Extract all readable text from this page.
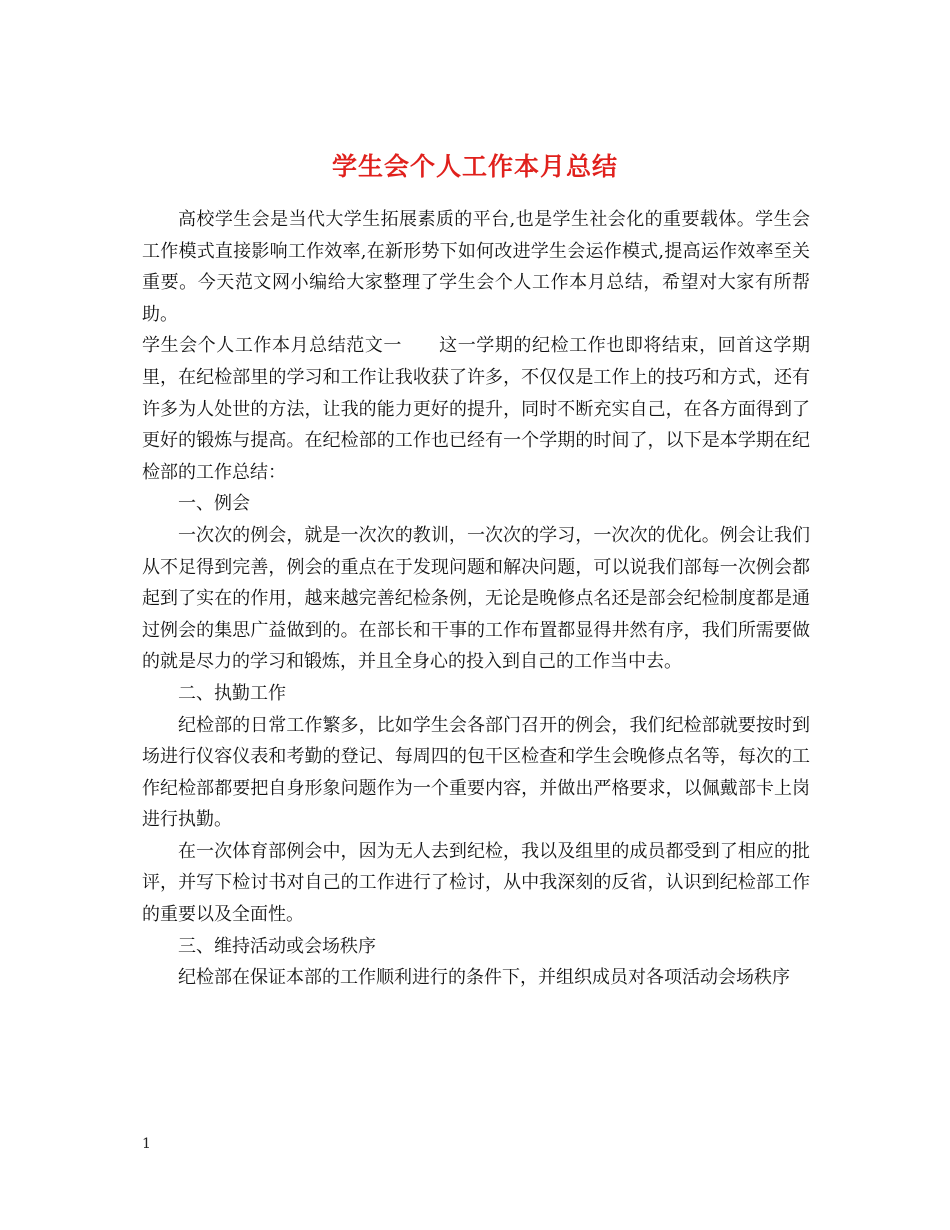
学生会个人工作本月总结

高校学生会是当代大学生拓展素质的平台,也是学生社会化的重要载体。学生会工作模式直接影响工作效率,在新形势下如何改进学生会运作模式,提高运作效率至关重要。今天范文网小编给大家整理了学生会个人工作本月总结，希望对大家有所帮助。

学生会个人工作本月总结范文一　　这一学期的纪检工作也即将结束，回首这学期里，在纪检部里的学习和工作让我收获了许多，不仅仅是工作上的技巧和方式，还有许多为人处世的方法，让我的能力更好的提升，同时不断充实自己，在各方面得到了更好的锻炼与提高。在纪检部的工作也已经有一个学期的时间了，以下是本学期在纪检部的工作总结：

一、例会

一次次的例会，就是一次次的教训，一次次的学习，一次次的优化。例会让我们从不足得到完善，例会的重点在于发现问题和解决问题，可以说我们部每一次例会都起到了实在的作用，越来越完善纪检条例，无论是晚修点名还是部会纪检制度都是通过例会的集思广益做到的。在部长和干事的工作布置都显得井然有序，我们所需要做的就是尽力的学习和锻炼，并且全身心的投入到自己的工作当中去。

二、执勤工作

纪检部的日常工作繁多，比如学生会各部门召开的例会，我们纪检部就要按时到场进行仪容仪表和考勤的登记、每周四的包干区检查和学生会晚修点名等，每次的工作纪检部都要把自身形象问题作为一个重要内容，并做出严格要求，以佩戴部卡上岗进行执勤。

在一次体育部例会中，因为无人去到纪检，我以及组里的成员都受到了相应的批评，并写下检讨书对自己的工作进行了检讨，从中我深刻的反省，认识到纪检部工作的重要以及全面性。

三、维持活动或会场秩序

纪检部在保证本部的工作顺利进行的条件下，并组织成员对各项活动会场秩序

1
